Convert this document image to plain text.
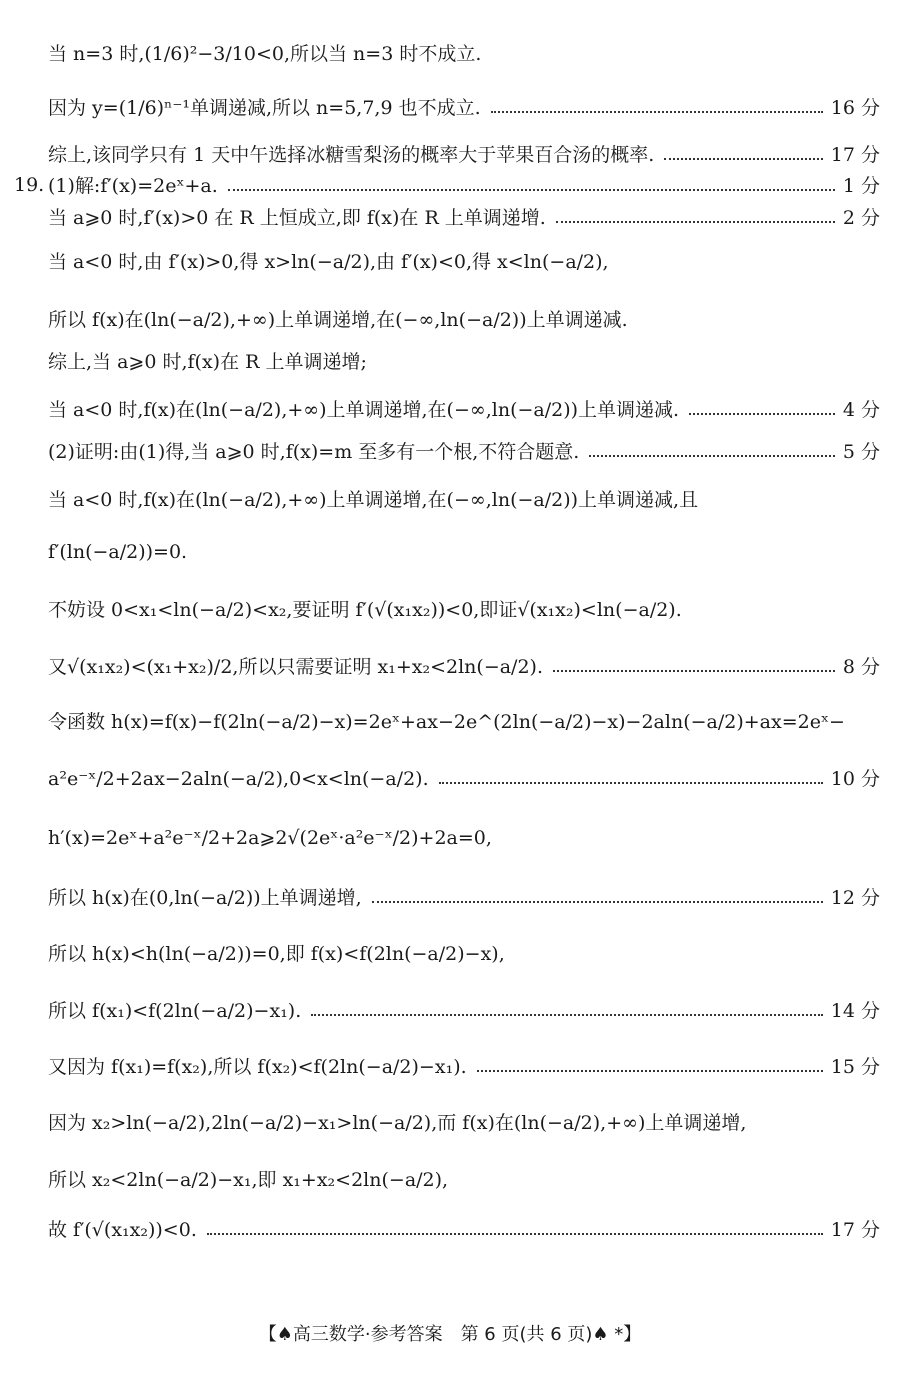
当 n=3 时,(1/6)²−3/10<0,所以当 n=3 时不成立.
因为 y=(1/6)ⁿ⁻¹单调递减,所以 n=5,7,9 也不成立.	16 分
综上,该同学只有 1 天中午选择冰糖雪梨汤的概率大于苹果百合汤的概率.	17 分
19. (1)解:f′(x)=2eˣ+a.	1 分
当 a⩾0 时,f′(x)>0 在 R 上恒成立,即 f(x)在 R 上单调递增.	2 分
当 a<0 时,由 f′(x)>0,得 x>ln(−a/2),由 f′(x)<0,得 x<ln(−a/2),
所以 f(x)在(ln(−a/2),+∞)上单调递增,在(−∞,ln(−a/2))上单调递减.
综上,当 a⩾0 时,f(x)在 R 上单调递增;
当 a<0 时,f(x)在(ln(−a/2),+∞)上单调递增,在(−∞,ln(−a/2))上单调递减.	4 分
(2)证明:由(1)得,当 a⩾0 时,f(x)=m 至多有一个根,不符合题意.	5 分
当 a<0 时,f(x)在(ln(−a/2),+∞)上单调递增,在(−∞,ln(−a/2))上单调递减,且
f′(ln(−a/2))=0.
不妨设 0<x₁<ln(−a/2)<x₂,要证明 f′(√(x₁x₂))<0,即证√(x₁x₂)<ln(−a/2).
又√(x₁x₂)<(x₁+x₂)/2,所以只需要证明 x₁+x₂<2ln(−a/2).	8 分
令函数 h(x)=f(x)−f(2ln(−a/2)−x)=2eˣ+ax−2e^(2ln(−a/2)−x)−2aln(−a/2)+ax=2eˣ−
a²e⁻ˣ/2+2ax−2aln(−a/2),0<x<ln(−a/2).	10 分
h′(x)=2eˣ+a²e⁻ˣ/2+2a⩾2√(2eˣ·a²e⁻ˣ/2)+2a=0,
所以 h(x)在(0,ln(−a/2))上单调递增,	12 分
所以 h(x)<h(ln(−a/2))=0,即 f(x)<f(2ln(−a/2)−x),
所以 f(x₁)<f(2ln(−a/2)−x₁).	14 分
又因为 f(x₁)=f(x₂),所以 f(x₂)<f(2ln(−a/2)−x₁).	15 分
因为 x₂>ln(−a/2),2ln(−a/2)−x₁>ln(−a/2),而 f(x)在(ln(−a/2),+∞)上单调递增,
所以 x₂<2ln(−a/2)−x₁,即 x₁+x₂<2ln(−a/2),
故 f′(√(x₁x₂))<0.	17 分
【♠高三数学·参考答案　第 6 页(共 6 页)♠ *】
